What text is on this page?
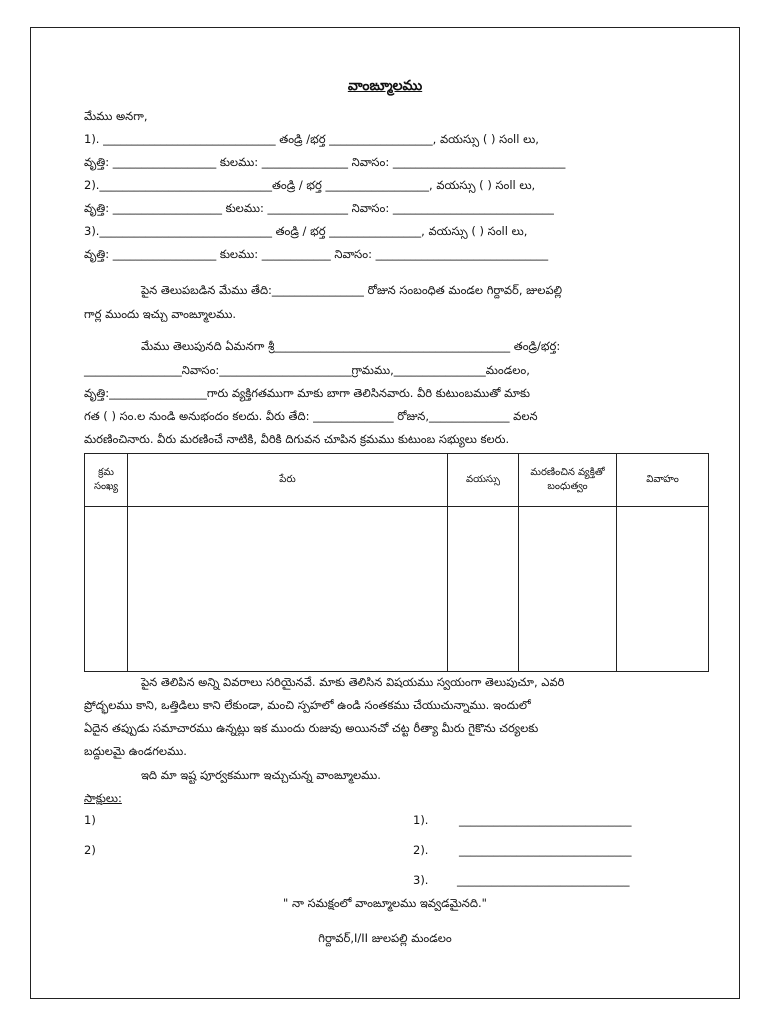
వాంఙ్మూలము
మేము అనగా,
1). ______________________________ తండ్రి /భర్త __________________, వయస్సు ( ) సంll లు,
వృత్తి: __________________ కులము: _______________ నివాసం: ______________________________
2).______________________________తండ్రి / భర్త __________________, వయస్సు ( ) సంll లు,
వృత్తి: ___________________ కులము: ______________ నివాసం: ____________________________
3).______________________________ తండ్రి / భర్త ________________, వయస్సు ( ) సంll లు,
వృత్తి: __________________ కులము: ____________ నివాసం: ______________________________
పైన తెలుపబడిన మేము తేది:________________ రోజున సంబంధిత మండల గిర్దావర్, జులపల్లి
గార్ల ముందు ఇచ్చు వాంఙ్మూలము.
మేము తెలుపునది ఏమనగా శ్రీ_________________________________________ తండ్రి/భర్త:
_________________నివాసం:_______________________గ్రామము,________________మండలం,
వృత్తి:_________________గారు వ్యక్తిగతముగా మాకు బాగా తెలిసినవారు. వీరి కుటుంబముతో మాకు
గత ( ) సం.ల నుండి అనుభందం కలదు. వీరు తేది: ______________ రోజున,______________ వలన
మరణించినారు. వీరు మరణించే నాటికి, వీరికి దిగువన చూపిన క్రమము కుటుంబ సభ్యులు కలరు.
క్రమ సంఖ్య	పేరు	వయస్సు	మరణించిన వ్యక్తితో బంధుత్వం	వివాహం

పైన తెలిపిన అన్ని వివరాలు సరియైనవే. మాకు తెలిసిన విషయము స్వయంగా తెలుపుచూ, ఎవరి
ప్రోద్భలము కాని, ఒత్తిడిలు కాని లేకుండా, మంచి స్పహలో ఉండి సంతకము చేయుచున్నాము. ఇందులో
ఏదైన తప్పుడు సమాచారము ఉన్నట్లు ఇక ముందు రుజువు అయినచో చట్ట రీత్యా మీరు గైకొను చర్యలకు
బద్దులమై ఉండగలము.
ఇది మా ఇష్ట పూర్వకముగా ఇచ్చుచున్న వాంఙ్మూలము.
సాక్షులు:
1)
2)
1).	______________________________
2).	______________________________
3). ______________________________
" నా సమక్షంలో వాంఙ్మూలము ఇవ్వడమైనది."
గిర్దావర్,I/II జులపల్లి మండలం
